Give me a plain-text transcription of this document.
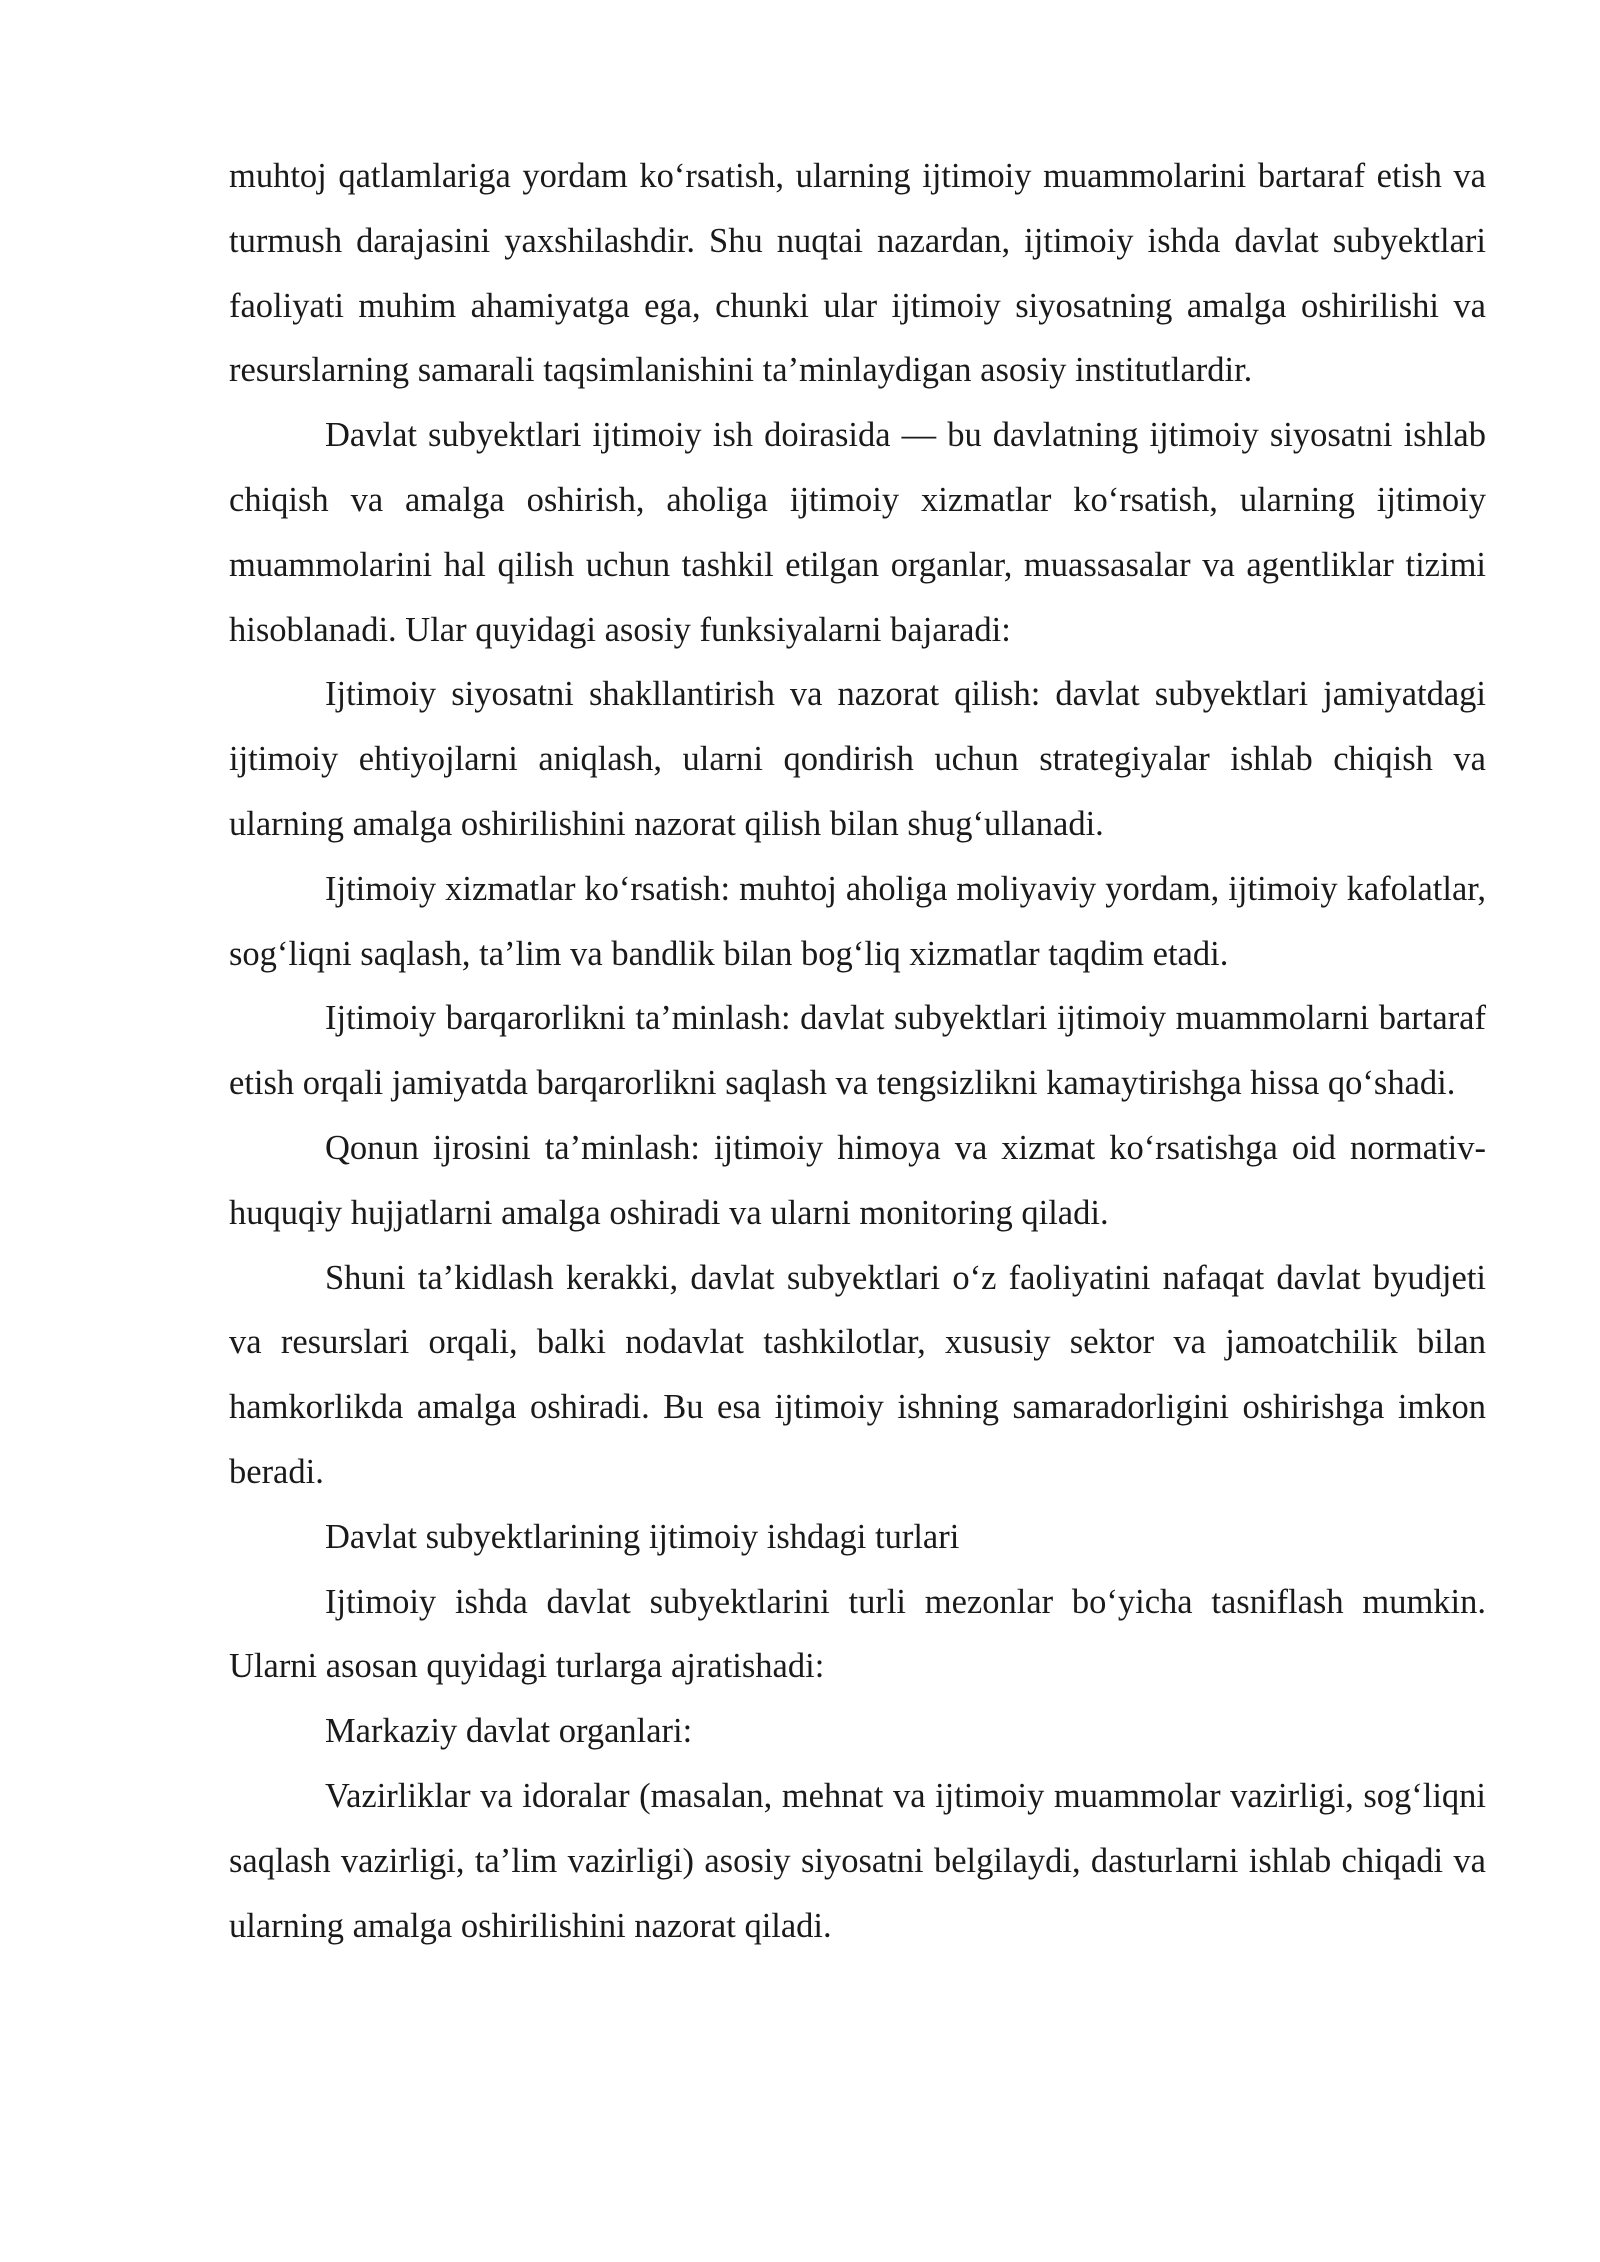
muhtoj qatlamlariga yordam ko‘rsatish, ularning ijtimoiy muammolarini bartaraf etish va turmush darajasini yaxshilashdir. Shu nuqtai nazardan, ijtimoiy ishda davlat subyektlari faoliyati muhim ahamiyatga ega, chunki ular ijtimoiy siyosatning amalga oshirilishi va resurslarning samarali taqsimlanishini ta’minlaydigan asosiy institutlardir.

Davlat subyektlari ijtimoiy ish doirasida — bu davlatning ijtimoiy siyosatni ishlab chiqish va amalga oshirish, aholiga ijtimoiy xizmatlar ko‘rsatish, ularning ijtimoiy muammolarini hal qilish uchun tashkil etilgan organlar, muassasalar va agentliklar tizimi hisoblanadi. Ular quyidagi asosiy funksiyalarni bajaradi:

Ijtimoiy siyosatni shakllantirish va nazorat qilish: davlat subyektlari jamiyatdagi ijtimoiy ehtiyojlarni aniqlash, ularni qondirish uchun strategiyalar ishlab chiqish va ularning amalga oshirilishini nazorat qilish bilan shug‘ullanadi.

Ijtimoiy xizmatlar ko‘rsatish: muhtoj aholiga moliyaviy yordam, ijtimoiy kafolatlar, sog‘liqni saqlash, ta’lim va bandlik bilan bog‘liq xizmatlar taqdim etadi.

Ijtimoiy barqarorlikni ta’minlash: davlat subyektlari ijtimoiy muammolarni bartaraf etish orqali jamiyatda barqarorlikni saqlash va tengsizlikni kamaytirishga hissa qo‘shadi.

Qonun ijrosini ta’minlash: ijtimoiy himoya va xizmat ko‘rsatishga oid normativ-huquqiy hujjatlarni amalga oshiradi va ularni monitoring qiladi.

Shuni ta’kidlash kerakki, davlat subyektlari o‘z faoliyatini nafaqat davlat byudjeti va resurslari orqali, balki nodavlat tashkilotlar, xususiy sektor va jamoatchilik bilan hamkorlikda amalga oshiradi. Bu esa ijtimoiy ishning samaradorligini oshirishga imkon beradi.

Davlat subyektlarining ijtimoiy ishdagi turlari

Ijtimoiy ishda davlat subyektlarini turli mezonlar bo‘yicha tasniflash mumkin. Ularni asosan quyidagi turlarga ajratishadi:

Markaziy davlat organlari:

Vazirliklar va idoralar (masalan, mehnat va ijtimoiy muammolar vazirligi, sog‘liqni saqlash vazirligi, ta’lim vazirligi) asosiy siyosatni belgilaydi, dasturlarni ishlab chiqadi va ularning amalga oshirilishini nazorat qiladi.
